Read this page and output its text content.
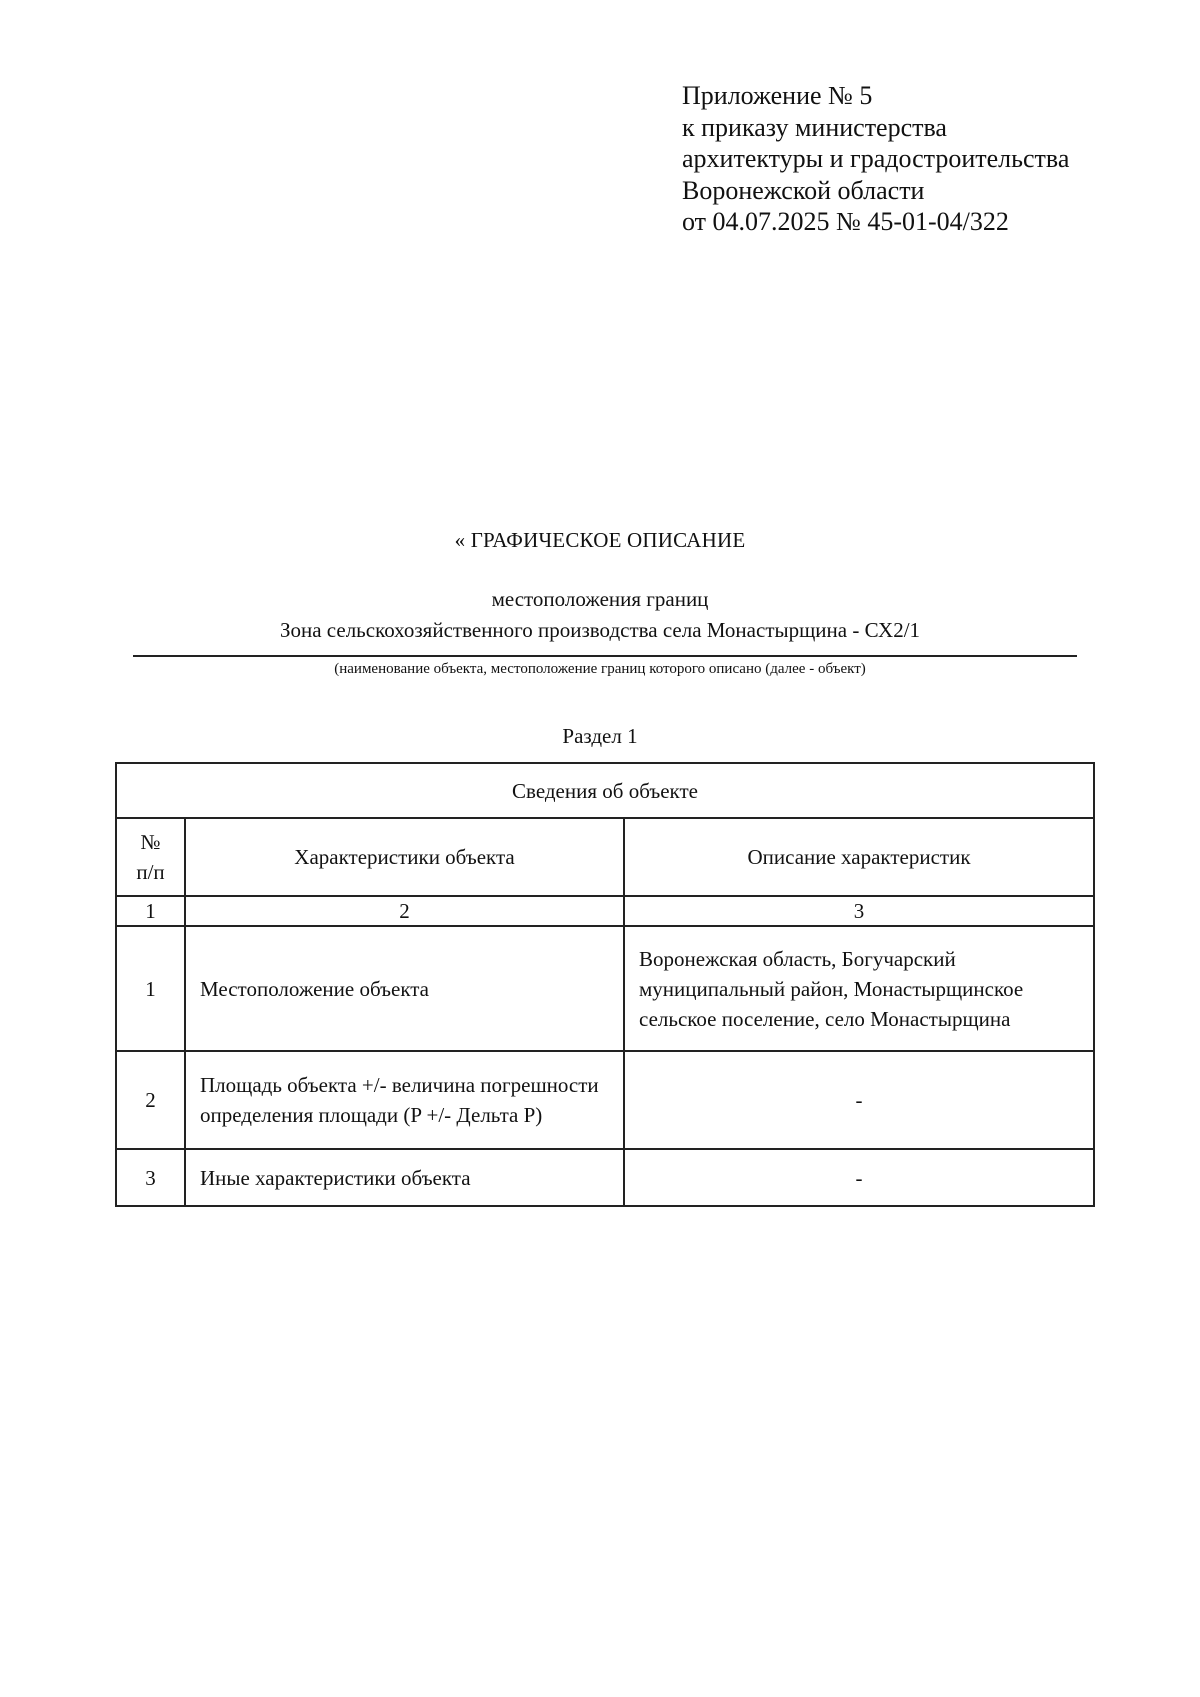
Приложение № 5
к приказу министерства
архитектуры и градостроительства
Воронежской области
от 04.07.2025 № 45-01-04/322
« ГРАФИЧЕСКОЕ ОПИСАНИЕ
местоположения границ
Зона сельскохозяйственного производства села Монастырщина - СХ2/1
(наименование объекта, местоположение границ которого описано (далее - объект)
Раздел 1
Сведения об объекте		

№
п/п	Характеристики объекта	Описание характеристик
1	2	3
1	Местоположение объекта	Воронежская область, Богучарский муниципальный район, Монастырщинское сельское поселение, село Монастырщина
2	Площадь объекта +/- величина погрешности определения площади (P +/- Дельта P)	-
3	Иные характеристики объекта	-
